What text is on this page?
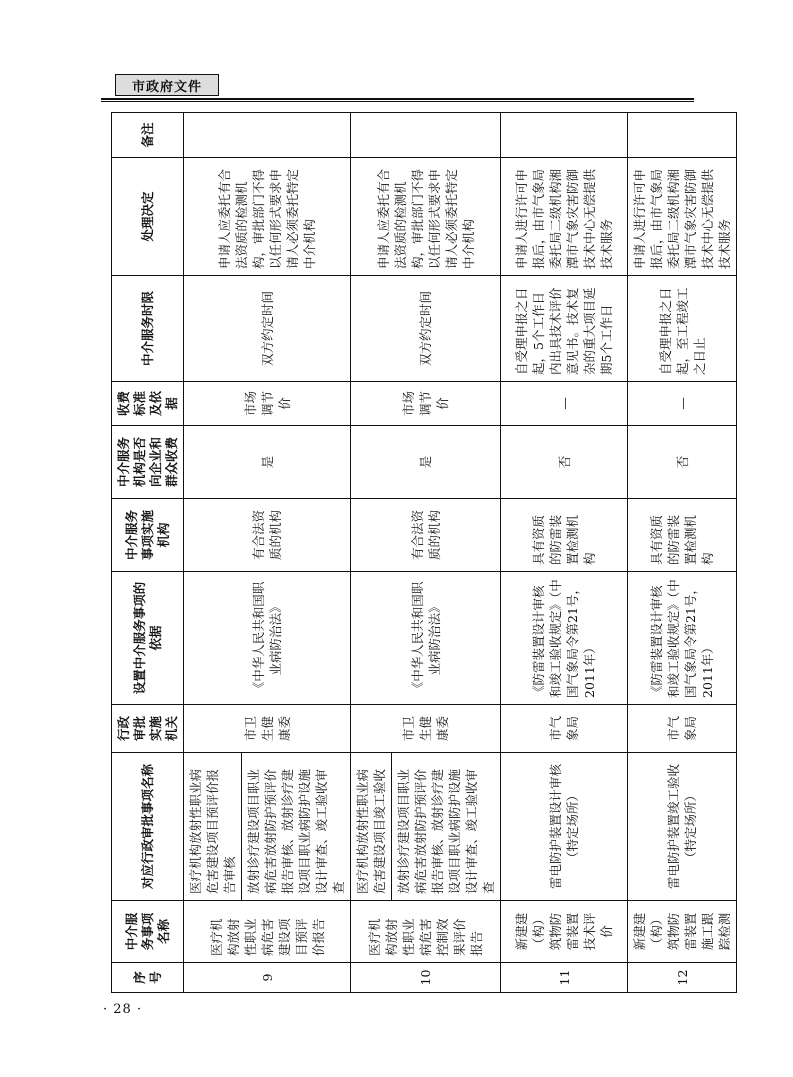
市政府文件
序号	中介服务事项名称	对应行政审批事项名称	行政审批实施机关	设置中介服务事项的依据	中介服务事项实施机构	中介服务机构是否向企业和群众收费	收费标准及依据	中介服务时限	处理决定	备注
9	医疗机构放射性职业病危害建设项目预评价报告	医疗机构放射性职业病危害建设项目预评价报告审核 放射诊疗建设项目职业病危害放射防护预评价报告审核、放射诊疗建设项目职业病防护设施设计审查、竣工验收审查	市卫生健康委	《中华人民共和国职业病防治法》	有合法资质的机构	是	市场调节价	双方约定时间	申请人应委托有合法资质的检测机构，审批部门不得以任何形式要求申请人必须委托特定中介机构	
10	医疗机构放射性职业病危害控制效果评价报告	医疗机构放射性职业病危害建设项目竣工验收 放射诊疗建设项目职业病危害放射防护预评价报告审核、放射诊疗建设项目职业病防护设施设计审查、竣工验收审查	市卫生健康委	《中华人民共和国职业病防治法》	有合法资质的机构	是	市场调节价	双方约定时间	申请人应委托有合法资质的检测机构，审批部门不得以任何形式要求申请人必须委托特定中介机构	
11	新建建（构）筑物防雷装置技术评价	雷电防护装置设计审核（特定场所）	市气象局	《防雷装置设计审核和竣工验收规定》（中国气象局令第21号，2011年）	具有资质的防雷装置检测机构	否	—	自受理申报之日起，5个工作日内出具技术评价意见书。技术复杂的重大项目延期5个工作日	申请人进行许可申报后，由市气象局委托局二级机构湘潭市气象灾害防御技术中心无偿提供技术服务	
12	新建建（构）筑物防雷装置施工跟踪检测	雷电防护装置竣工验收（特定场所）	市气象局	《防雷装置设计审核和竣工验收规定》（中国气象局令第21号，2011年）	具有资质的防雷装置检测机构	否	—	自受理申报之日起，至工程竣工之日止	申请人进行许可申报后，由市气象局委托局二级机构湘潭市气象灾害防御技术中心无偿提供技术服务	
· 28 ·
